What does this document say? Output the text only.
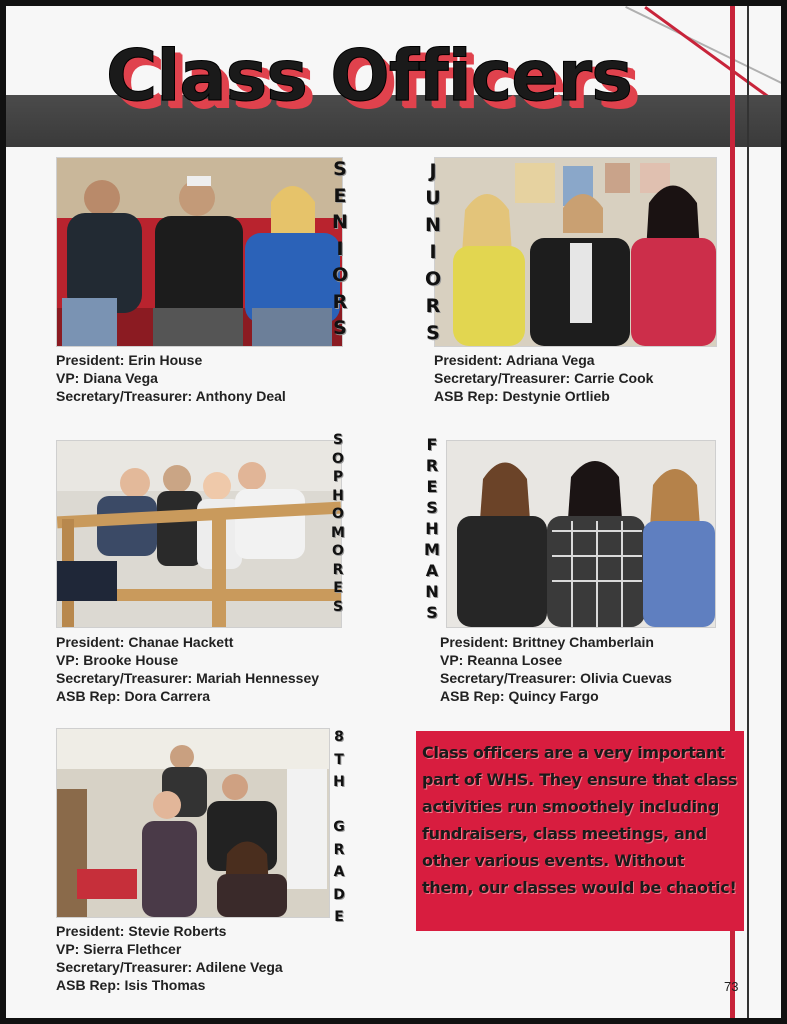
Class Officers
S
E
N
I
O
R
S
President: Erin House
VP: Diana Vega
Secretary/Treasurer: Anthony Deal
J
U
N
I
O
R
S
President: Adriana Vega
Secretary/Treasurer: Carrie Cook
ASB Rep: Destynie Ortlieb
S
O
P
H
O
M
O
R
E
S
President: Chanae Hackett
VP: Brooke House
Secretary/Treasurer: Mariah Hennessey
ASB Rep: Dora Carrera
F
R
E
S
H
M
A
N
S
President: Brittney Chamberlain
VP: Reanna Losee
Secretary/Treasurer: Olivia Cuevas
ASB Rep: Quincy Fargo
8
T
H

G
R
A
D
E
President: Stevie Roberts
VP: Sierra Flethcer
Secretary/Treasurer: Adilene Vega
ASB Rep: Isis Thomas
Class officers are a very important part of WHS. They ensure that class activities run smoothely including fundraisers, class meetings, and other various events. Without them, our classes would be chaotic!
73
